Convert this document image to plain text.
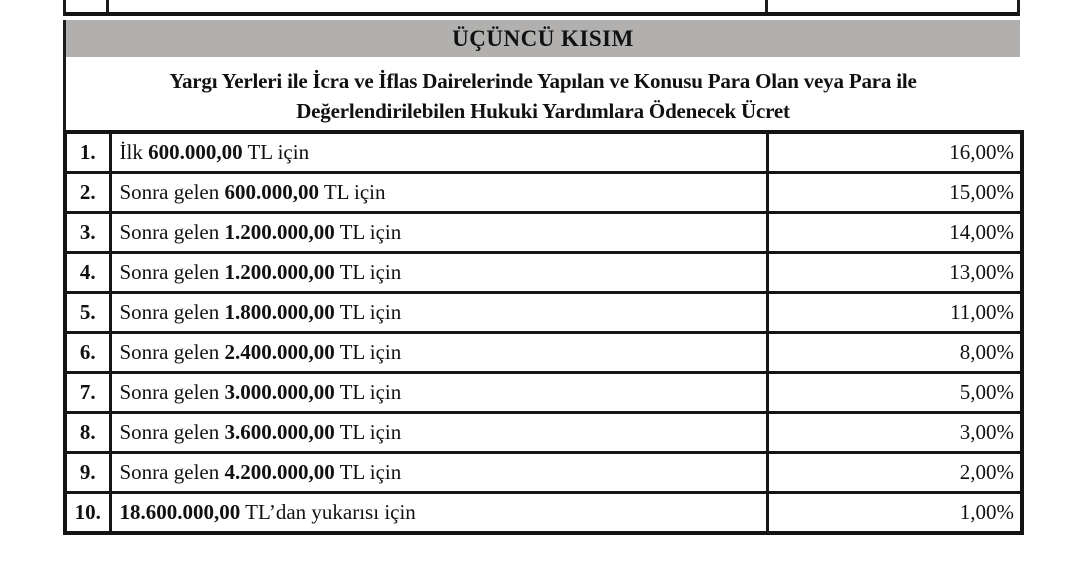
ÜÇÜNCÜ KISIM
Yargı Yerleri ile İcra ve İflas Dairelerinde Yapılan ve Konusu Para Olan veya Para ile
Değerlendirilebilen Hukuki Yardımlara Ödenecek Ücret
1.	İlk 600.000,00 TL için	16,00%
2.	Sonra gelen 600.000,00 TL için	15,00%
3.	Sonra gelen 1.200.000,00 TL için	14,00%
4.	Sonra gelen 1.200.000,00 TL için	13,00%
5.	Sonra gelen 1.800.000,00 TL için	11,00%
6.	Sonra gelen 2.400.000,00 TL için	8,00%
7.	Sonra gelen 3.000.000,00 TL için	5,00%
8.	Sonra gelen 3.600.000,00 TL için	3,00%
9.	Sonra gelen 4.200.000,00 TL için	2,00%
10.	18.600.000,00 TL’dan yukarısı için	1,00%
